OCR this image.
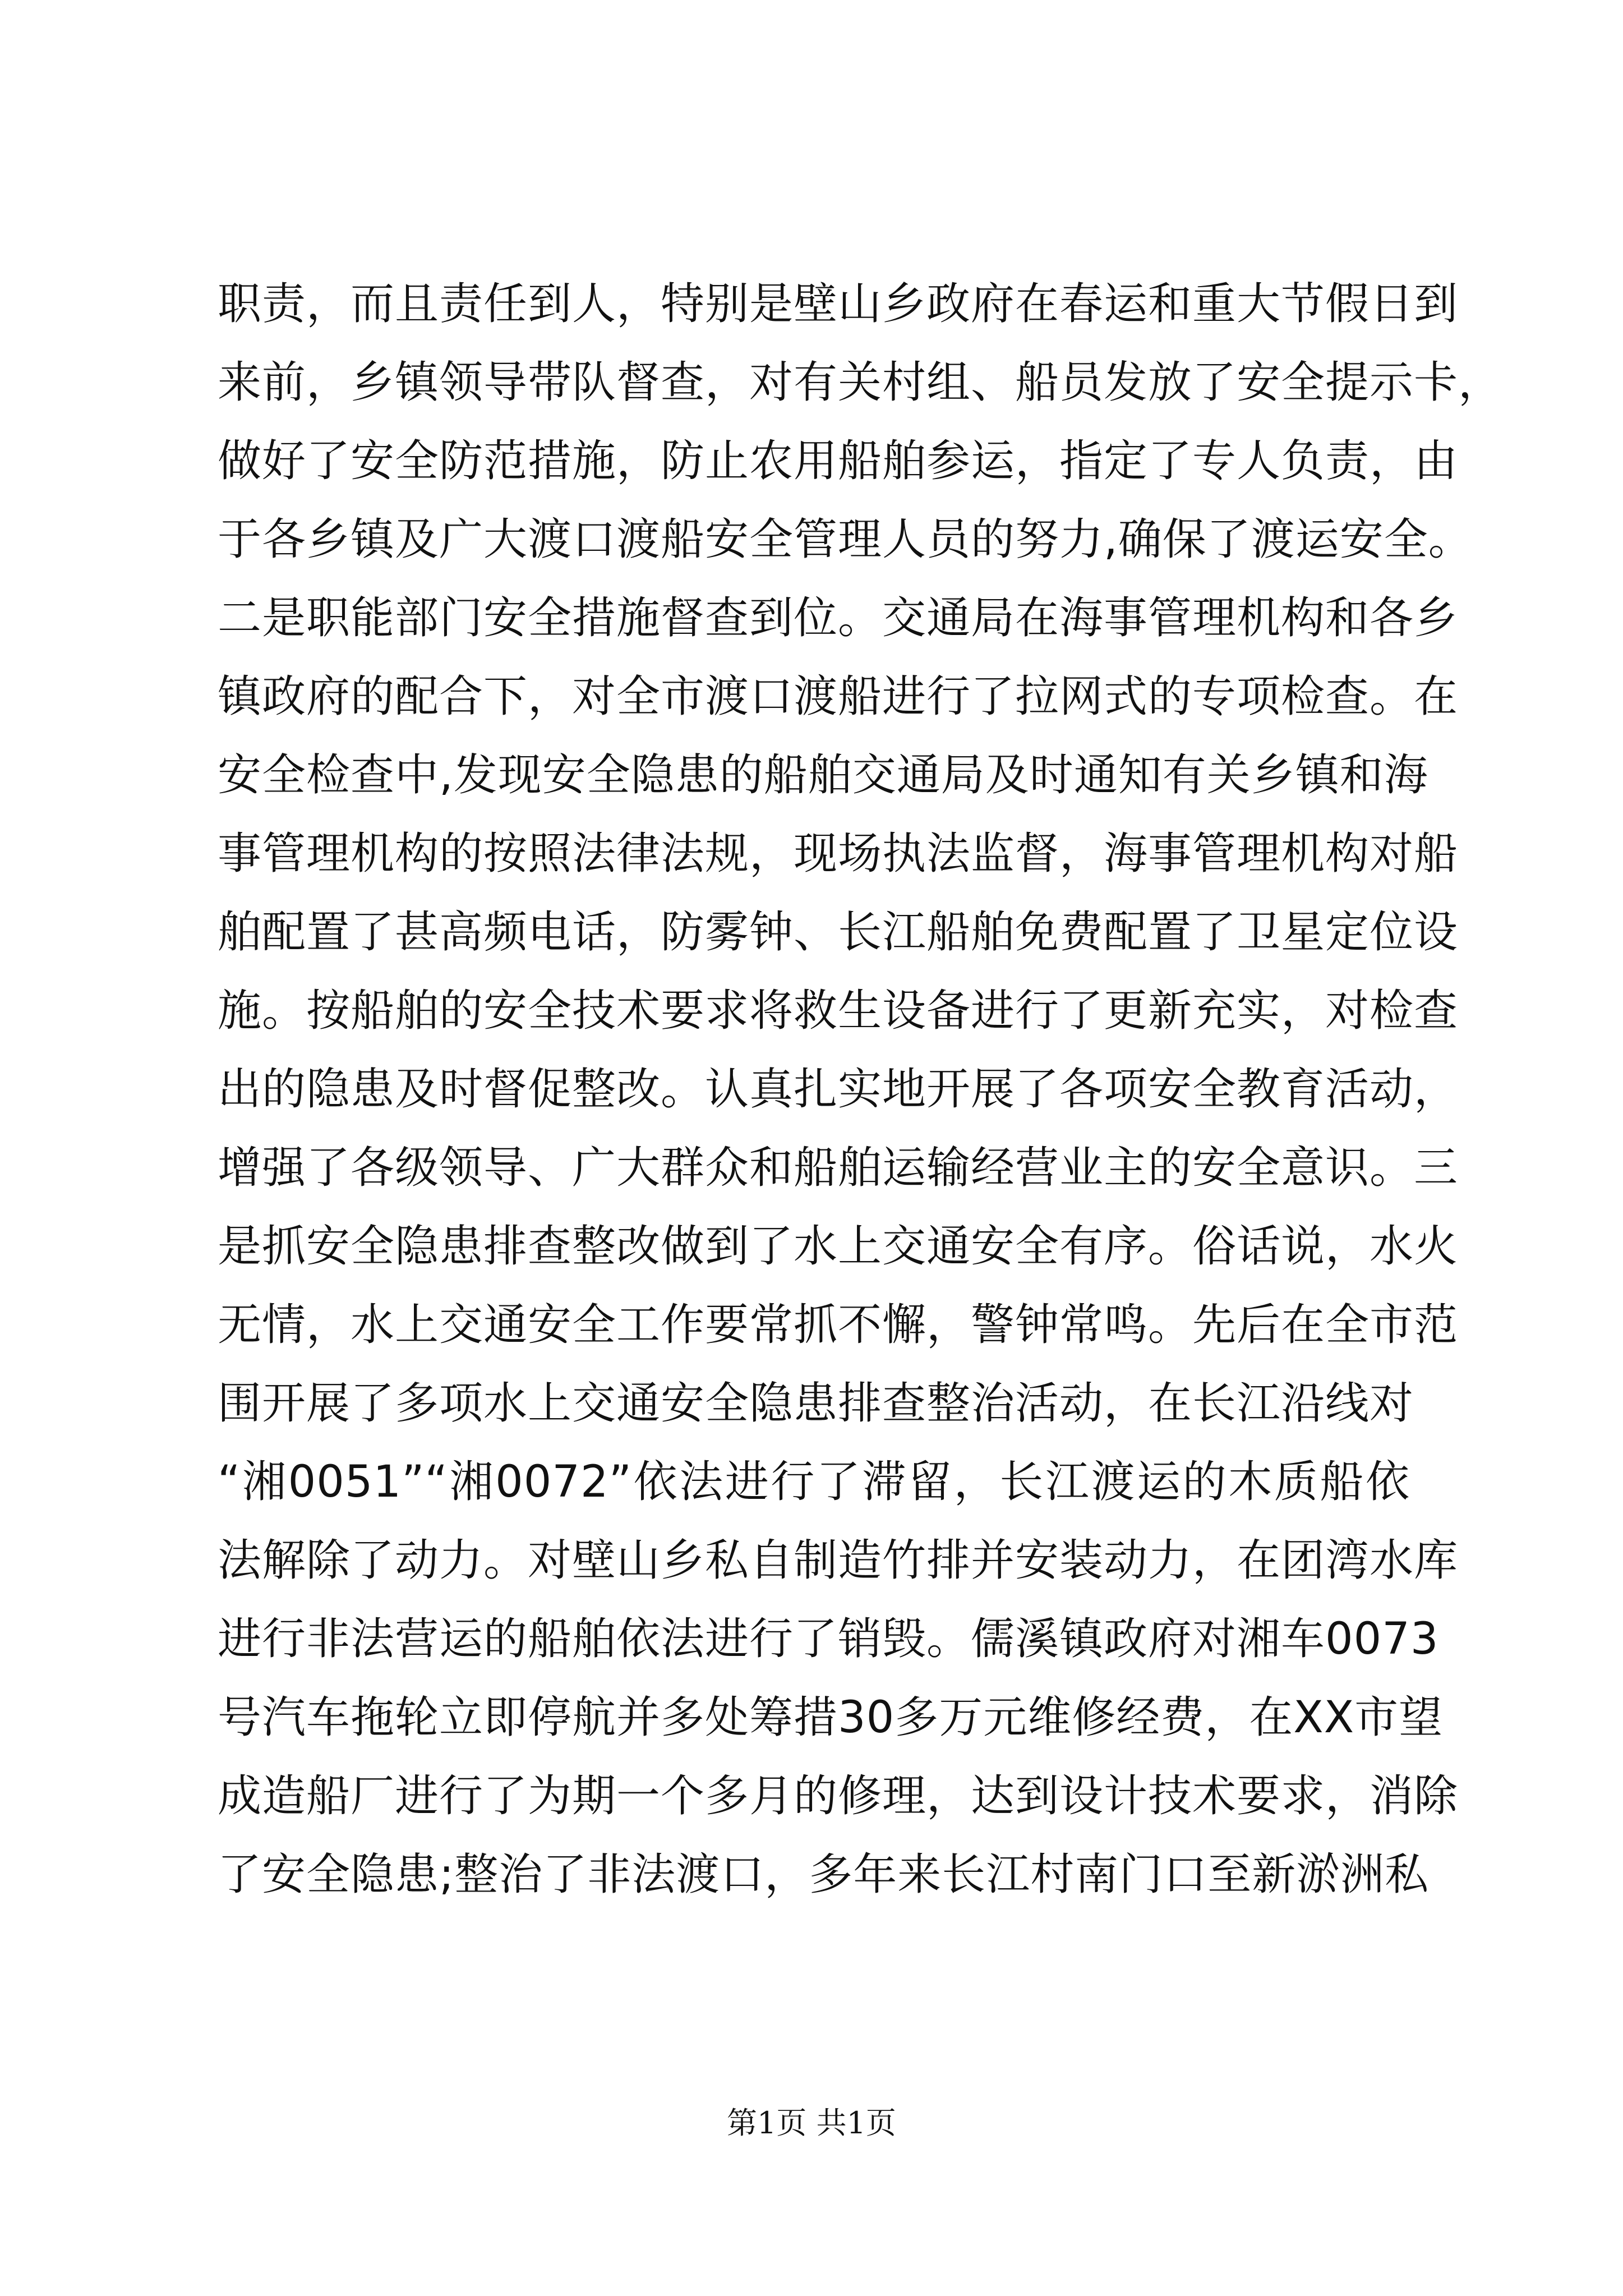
职责，而且责任到人，特别是壁山乡政府在春运和重大节假日到
来前，乡镇领导带队督查，对有关村组、船员发放了安全提示卡，
做好了安全防范措施，防止农用船舶参运，指定了专人负责，由
于各乡镇及广大渡口渡船安全管理人员的努力,确保了渡运安全。
二是职能部门安全措施督查到位。交通局在海事管理机构和各乡
镇政府的配合下，对全市渡口渡船进行了拉网式的专项检查。在
安全检查中,发现安全隐患的船舶交通局及时通知有关乡镇和海
事管理机构的按照法律法规，现场执法监督，海事管理机构对船
舶配置了甚高频电话，防雾钟、长江船舶免费配置了卫星定位设
施。按船舶的安全技术要求将救生设备进行了更新充实，对检查
出的隐患及时督促整改。认真扎实地开展了各项安全教育活动，
增强了各级领导、广大群众和船舶运输经营业主的安全意识。三
是抓安全隐患排查整改做到了水上交通安全有序。俗话说，水火
无情，水上交通安全工作要常抓不懈，警钟常鸣。先后在全市范
围开展了多项水上交通安全隐患排查整治活动，在长江沿线对
“湘0051”“湘0072”依法进行了滞留，长江渡运的木质船依
法解除了动力。对壁山乡私自制造竹排并安装动力，在团湾水库
进行非法营运的船舶依法进行了销毁。儒溪镇政府对湘车0073
号汽车拖轮立即停航并多处筹措30多万元维修经费，在XX市望
成造船厂进行了为期一个多月的修理，达到设计技术要求，消除
了安全隐患;整治了非法渡口，多年来长江村南门口至新淤洲私
第1页 共1页
